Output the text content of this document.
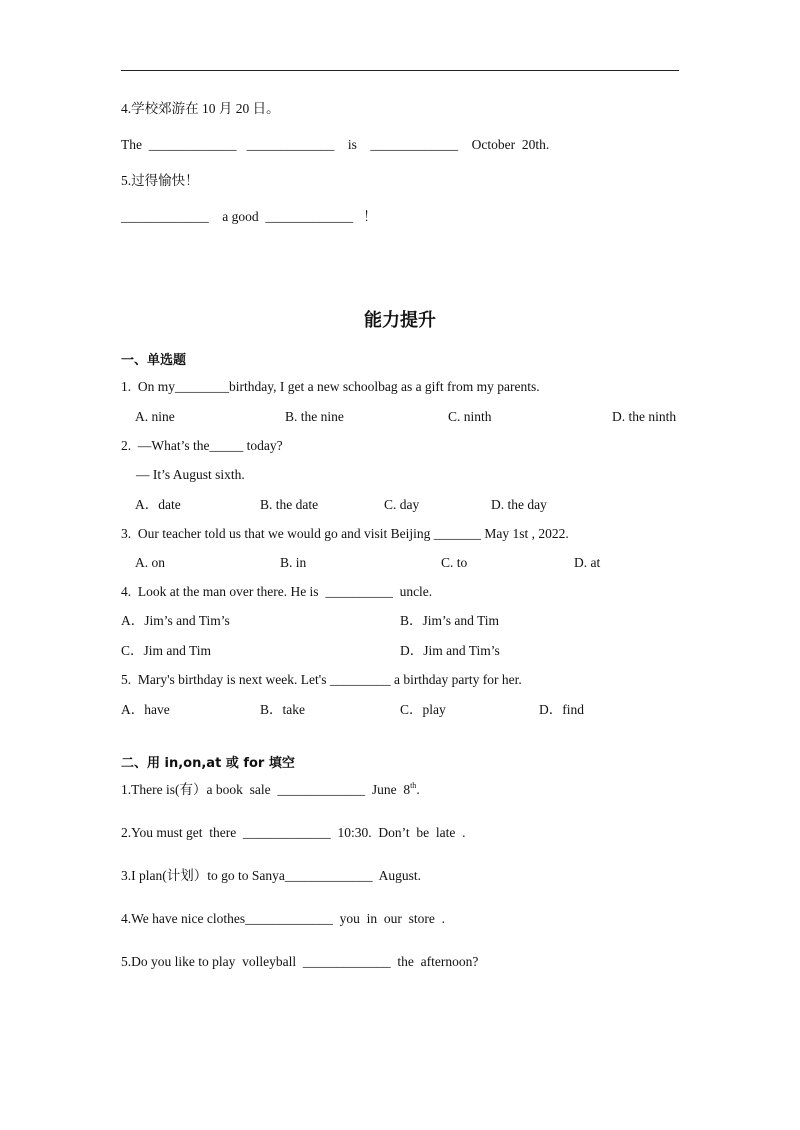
4.学校郊游在 10 月 20 日。
The  _____________   _____________    is    _____________    October  20th.
5.过得愉快！
_____________    a good  _____________   ！
能力提升
一、单选题
1.  On my________birthday, I get a new schoolbag as a gift from my parents.
A. nine	B. the nine	C. ninth	D. the ninth
2.  —What’s the_____ today?
— It’s August sixth.
A．date	B. the date	C. day	D. the day
3.  Our teacher told us that we would go and visit Beijing _______ May 1st , 2022.
A. on	B. in	C. to	D. at
4.  Look at the man over there. He is  __________  uncle.
A．Jim’s and Tim’s	B．Jim’s and Tim
C．Jim and Tim	D．Jim and Tim’s
5.  Mary's birthday is next week. Let's _________ a birthday party for her.
A．have	B．take	C．play	D．find
二、用 in,on,at 或 for 填空
1.There is(有）a book  sale  _____________  June  8th.
2.You must get  there  _____________  10:30.  Don’t  be  late  .
3.I plan(计划）to go to Sanya_____________  August.
4.We have nice clothes_____________  you  in  our  store  .
5.Do you like to play  volleyball  _____________  the  afternoon?
